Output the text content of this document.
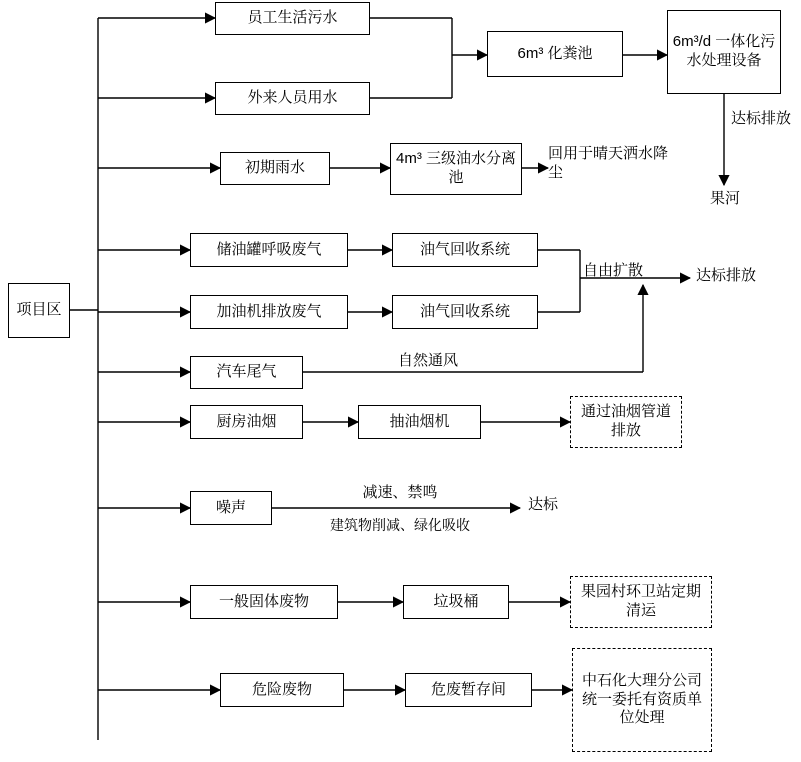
项目区
员工生活污水
外来人员用水
6m³ 化粪池
6m³/d 一体化污水处理设备
达标排放
果河
初期雨水
4m³ 三级油水分离池
回用于晴天洒水降尘
储油罐呼吸废气	油气回收系统
加油机排放废气	油气回收系统
自由扩散	达标排放
汽车尾气
自然通风
厨房油烟	抽油烟机
通过油烟管道排放
噪声
减速、禁鸣
建筑物削减、绿化吸收
达标
一般固体废物	垃圾桶
果园村环卫站定期清运
危险废物	危废暂存间
中石化大理分公司统一委托有资质单位处理
